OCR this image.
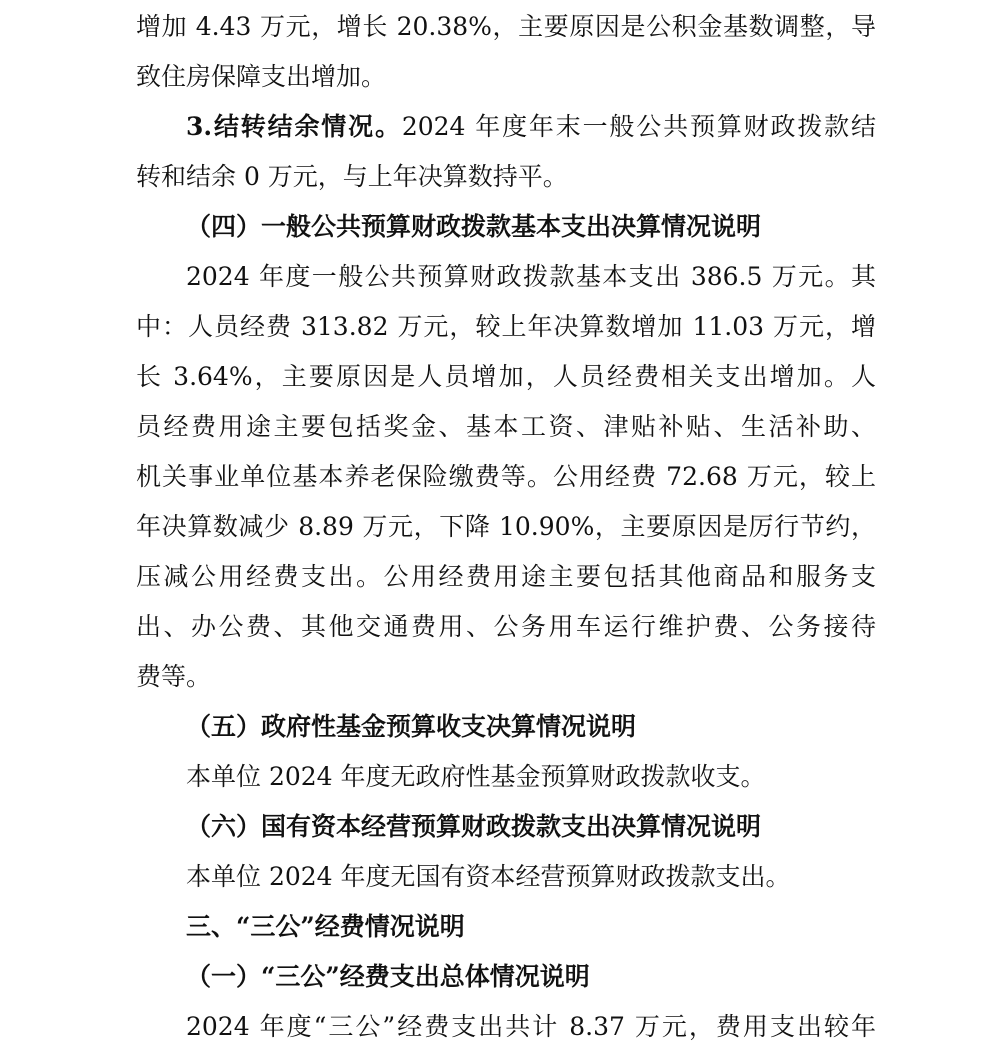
增加 4.43 万元，增长 20.38%，主要原因是公积金基数调整，导
致住房保障支出增加。
3.结转结余情况。2024 年度年末一般公共预算财政拨款结
转和结余 0 万元，与上年决算数持平。
（四）一般公共预算财政拨款基本支出决算情况说明
2024 年度一般公共预算财政拨款基本支出 386.5 万元。其
中：人员经费 313.82 万元，较上年决算数增加 11.03 万元，增
长 3.64%，主要原因是人员增加，人员经费相关支出增加。人
员经费用途主要包括奖金、基本工资、津贴补贴、生活补助、
机关事业单位基本养老保险缴费等。公用经费 72.68 万元，较上
年决算数减少 8.89 万元，下降 10.90%，主要原因是厉行节约，
压减公用经费支出。公用经费用途主要包括其他商品和服务支
出、办公费、其他交通费用、公务用车运行维护费、公务接待
费等。
（五）政府性基金预算收支决算情况说明
本单位 2024 年度无政府性基金预算财政拨款收支。
（六）国有资本经营预算财政拨款支出决算情况说明
本单位 2024 年度无国有资本经营预算财政拨款支出。
三、“三公”经费情况说明
（一）“三公”经费支出总体情况说明
2024 年度“三公”经费支出共计 8.37 万元，费用支出较年
